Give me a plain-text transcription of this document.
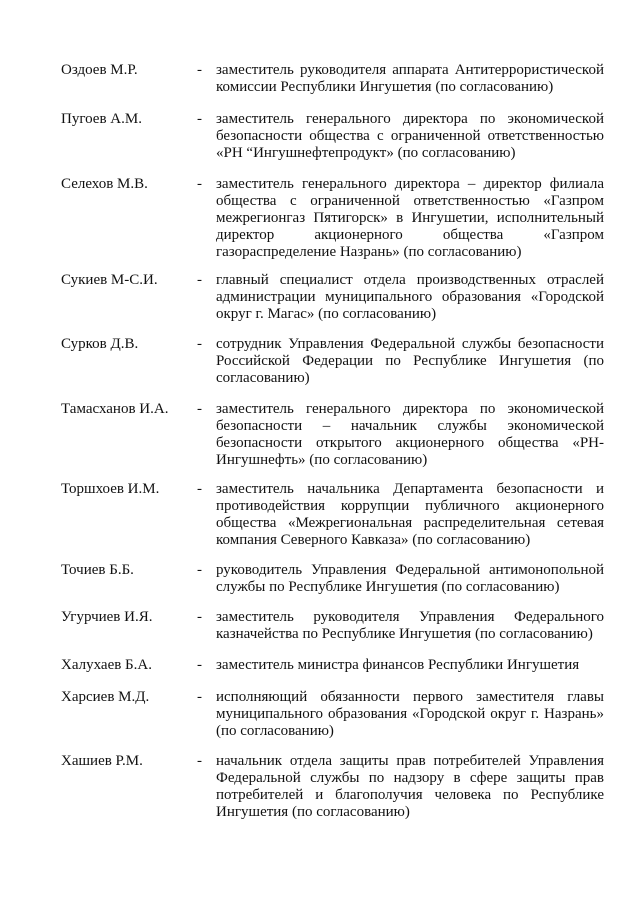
Оздоев М.Р.	- заместитель руководителя аппарата Антитеррористической комиссии Республики Ингушетия (по согласованию)
Пугоев А.М.	- заместитель генерального директора по экономической безопасности общества с ограниченной ответственностью «РН “Ингушнефтепродукт» (по согласованию)
Селехов М.В.	- заместитель генерального директора – директор филиала общества с ограниченной ответственностью «Газпром межрегионгаз Пятигорск» в Ингушетии, исполнительный директор акционерного общества «Газпром газораспределение Назрань» (по согласованию)
Сукиев М-С.И.	- главный специалист отдела производственных отраслей администрации муниципального образования «Городской округ г. Магас» (по согласованию)
Сурков Д.В.	- сотрудник Управления Федеральной службы безопасности Российской Федерации по Республике Ингушетия (по согласованию)
Тамасханов И.А.	- заместитель генерального директора по экономической безопасности – начальник службы экономической безопасности открытого акционерного общества «РН-Ингушнефть» (по согласованию)
Торшхоев И.М.	- заместитель начальника Департамента безопасности и противодействия коррупции публичного акционерного общества «Межрегиональная распределительная сетевая компания Северного Кавказа» (по согласованию)
Точиев Б.Б.	- руководитель Управления Федеральной антимонопольной службы по Республике Ингушетия (по согласованию)
Угурчиев И.Я.	- заместитель руководителя Управления Федерального казначейства по Республике Ингушетия (по согласованию)
Халухаев Б.А.	- заместитель министра финансов Республики Ингушетия
Харсиев М.Д.	- исполняющий обязанности первого заместителя главы муниципального образования «Городской округ г. Назрань» (по согласованию)
Хашиев Р.М.	- начальник отдела защиты прав потребителей Управления Федеральной службы по надзору в сфере защиты прав потребителей и благополучия человека по Республике Ингушетия (по согласованию)
